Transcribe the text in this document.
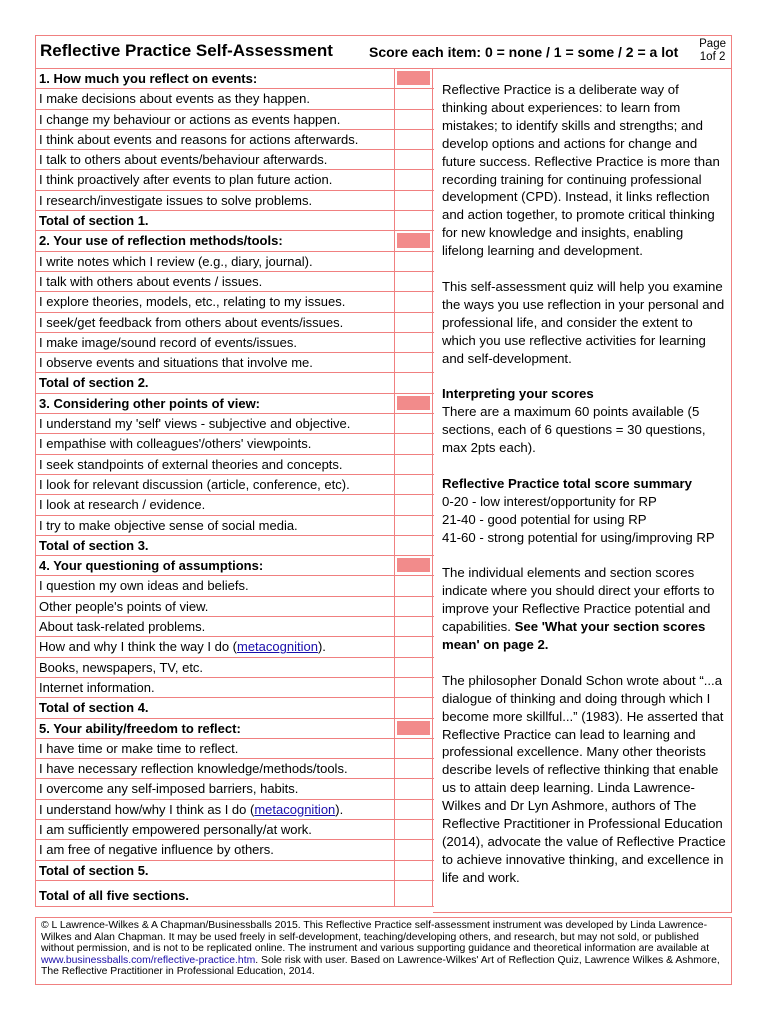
Reflective Practice Self-Assessment	Score each item: 0 = none / 1 = some / 2 = a lot Page
1of 2
1. How much you reflect on events:
I make decisions about events as they happen.
I change my behaviour or actions as events happen.
I think about events and reasons for actions afterwards.
I talk to others about events/behaviour afterwards.
I think proactively after events to plan future action.
I research/investigate issues to solve problems.
Total of section 1.
2. Your use of reflection methods/tools:
I write notes which I review (e.g., diary, journal).
I talk with others about events / issues.
I explore theories, models, etc., relating to my issues.
I seek/get feedback from others about events/issues.
I make image/sound record of events/issues.
I observe events and situations that involve me.
Total of section 2.
3. Considering other points of view:
I understand my 'self' views - subjective and objective.
I empathise with colleagues'/others' viewpoints.
I seek standpoints of external theories and concepts.
I look for relevant discussion (article, conference, etc).
I look at research / evidence.
I try to make objective sense of social media.
Total of section 3.
4. Your questioning of assumptions:
I question my own ideas and beliefs.
Other people's points of view.
About task-related problems.
How and why I think the way I do (metacognition).
Books, newspapers, TV, etc.
Internet information.
Total of section 4.
5. Your ability/freedom to reflect:
I have time or make time to reflect.
I have necessary reflection knowledge/methods/tools.
I overcome any self-imposed barriers, habits.
I understand how/why I think as I do (metacognition).
I am sufficiently empowered personally/at work.
I am free of negative influence by others.
Total of section 5.
Total of all five sections.

Reflective Practice is a deliberate way of thinking about experiences: to learn from mistakes; to identify skills and strengths; and develop options and actions for change and future success. Reflective Practice is more than recording training for continuing professional development (CPD). Instead, it links reflection and action together, to promote critical thinking for new knowledge and insights, enabling lifelong learning and development.

This self-assessment quiz will help you examine the ways you use reflection in your personal and professional life, and consider the extent to which you use reflective activities for learning and self-development.

Interpreting your scores
There are a maximum 60 points available (5 sections, each of 6 questions = 30 questions, max 2pts each).

Reflective Practice total score summary
0-20 - low interest/opportunity for RP
21-40 - good potential for using RP
41-60 - strong potential for using/improving RP

The individual elements and section scores indicate where you should direct your efforts to improve your Reflective Practice potential and capabilities. See 'What your section scores mean' on page 2.

The philosopher Donald Schon wrote about “...a dialogue of thinking and doing through which I become more skillful...” (1983). He asserted that Reflective Practice can lead to learning and professional excellence. Many other theorists describe levels of reflective thinking that enable us to attain deep learning. Linda Lawrence-Wilkes and Dr Lyn Ashmore, authors of The Reflective Practitioner in Professional Education (2014), advocate the value of Reflective Practice to achieve innovative thinking, and excellence in life and work.

© L Lawrence-Wilkes & A Chapman/Businessballs 2015. This Reflective Practice self-assessment instrument was developed by Linda Lawrence-Wilkes and Alan Chapman. It may be used freely in self-development, teaching/developing others, and research, but may not sold, or published without permission, and is not to be replicated online. The instrument and various supporting guidance and theoretical information are available at www.businessballs.com/reflective-practice.htm. Sole risk with user. Based on Lawrence-Wilkes' Art of Reflection Quiz, Lawrence Wilkes & Ashmore, The Reflective Practitioner in Professional Education, 2014.
